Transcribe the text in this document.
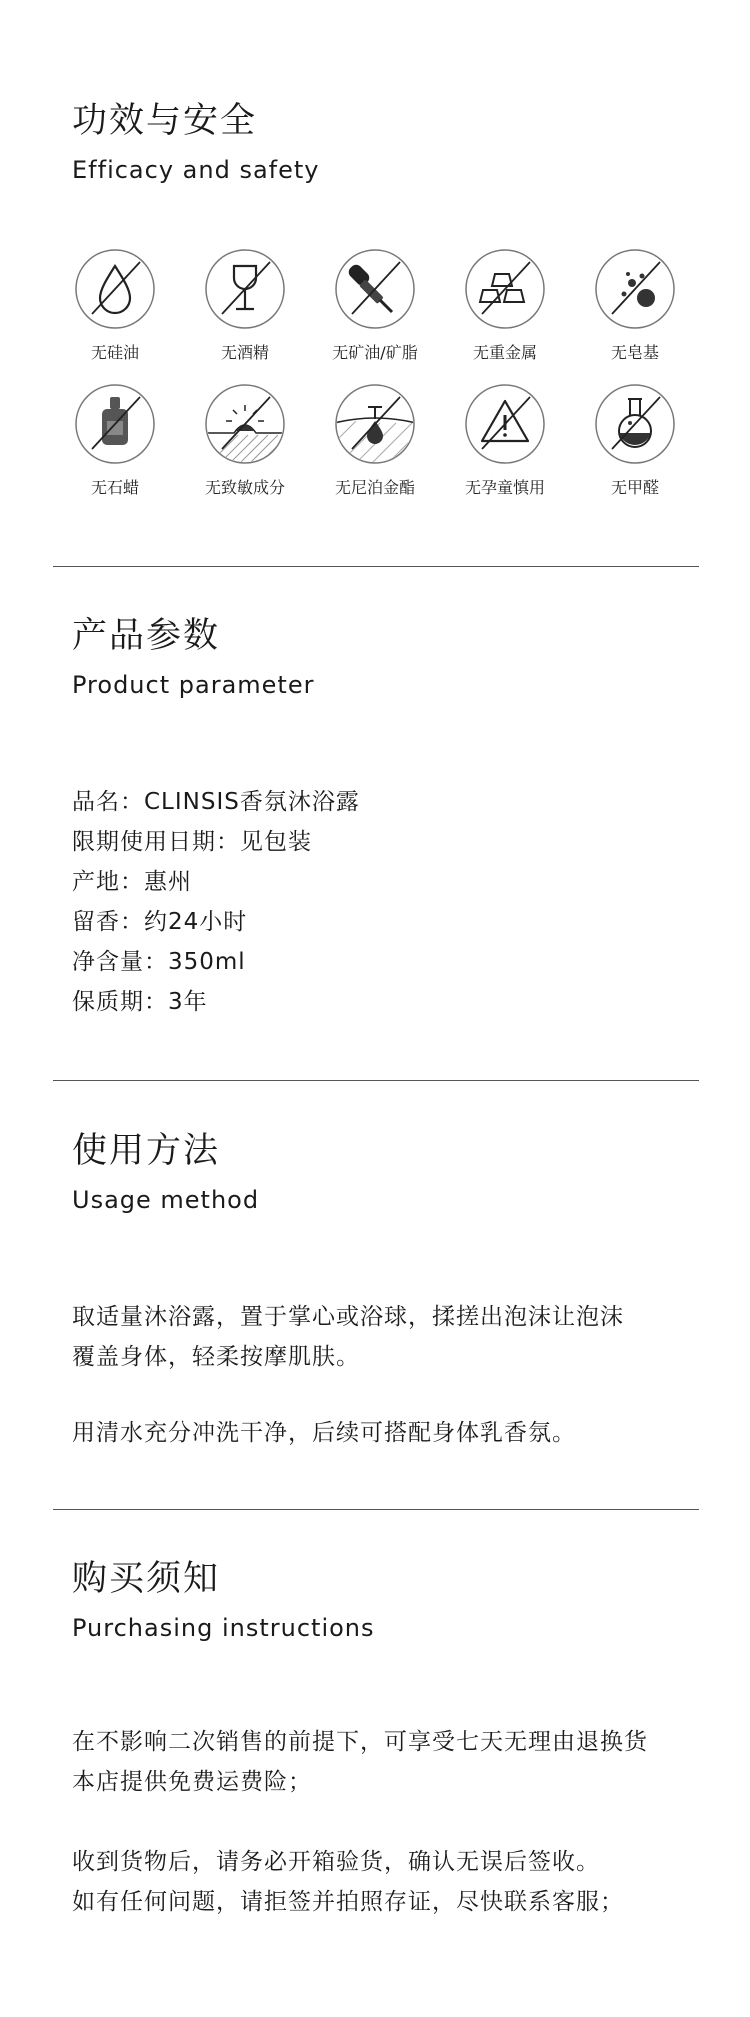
功效与安全
Efficacy and safety
无硅油	无酒精	无矿油/矿脂	无重金属	无皂基
无石蜡	无致敏成分	无尼泊金酯	无孕童慎用	无甲醛
产品参数
Product parameter
品名：CLINSIS香氛沐浴露
限期使用日期：见包装
产地：惠州
留香：约24小时
净含量：350ml
保质期：3年
使用方法
Usage method
取适量沐浴露，置于掌心或浴球，揉搓出泡沫让泡沫
覆盖身体，轻柔按摩肌肤。
用清水充分冲洗干净，后续可搭配身体乳香氛。
购买须知
Purchasing instructions
在不影响二次销售的前提下，可享受七天无理由退换货
本店提供免费运费险；
收到货物后，请务必开箱验货，确认无误后签收。
如有任何问题，请拒签并拍照存证，尽快联系客服；
